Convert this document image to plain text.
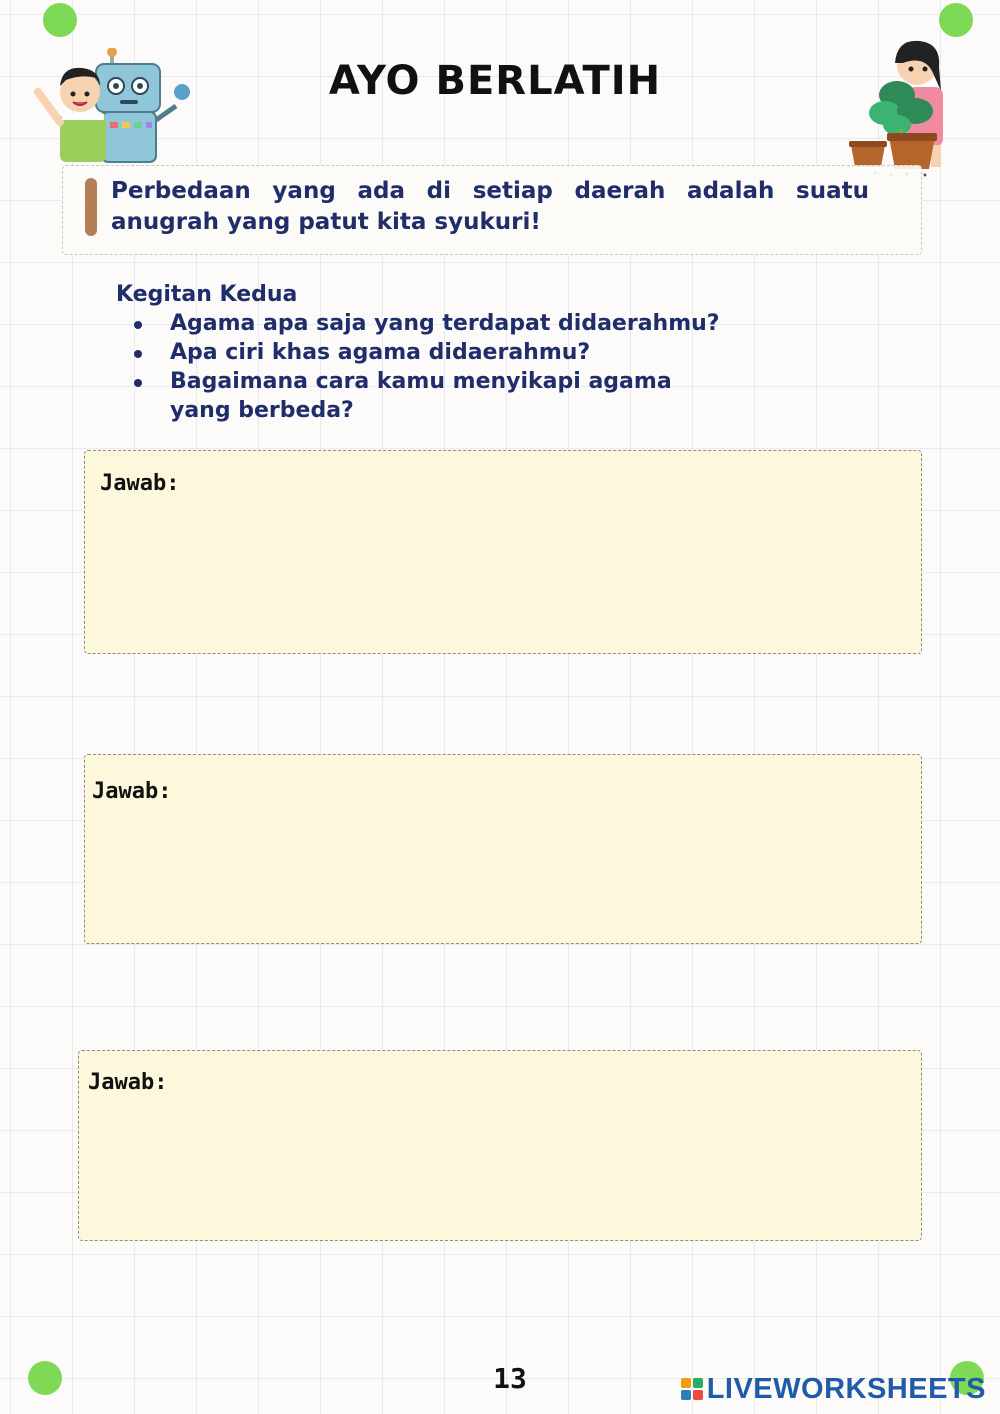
AYO BERLATIH
Perbedaan yang ada di setiap daerah adalah suatu anugrah yang patut kita syukuri!
Kegitan Kedua
Agama apa saja yang terdapat didaerahmu?
Apa ciri khas agama didaerahmu?
Bagaimana cara kamu menyikapi agama yang berbeda?
Jawab:
Jawab:
Jawab:
13	LIVEWORKSHEETS
